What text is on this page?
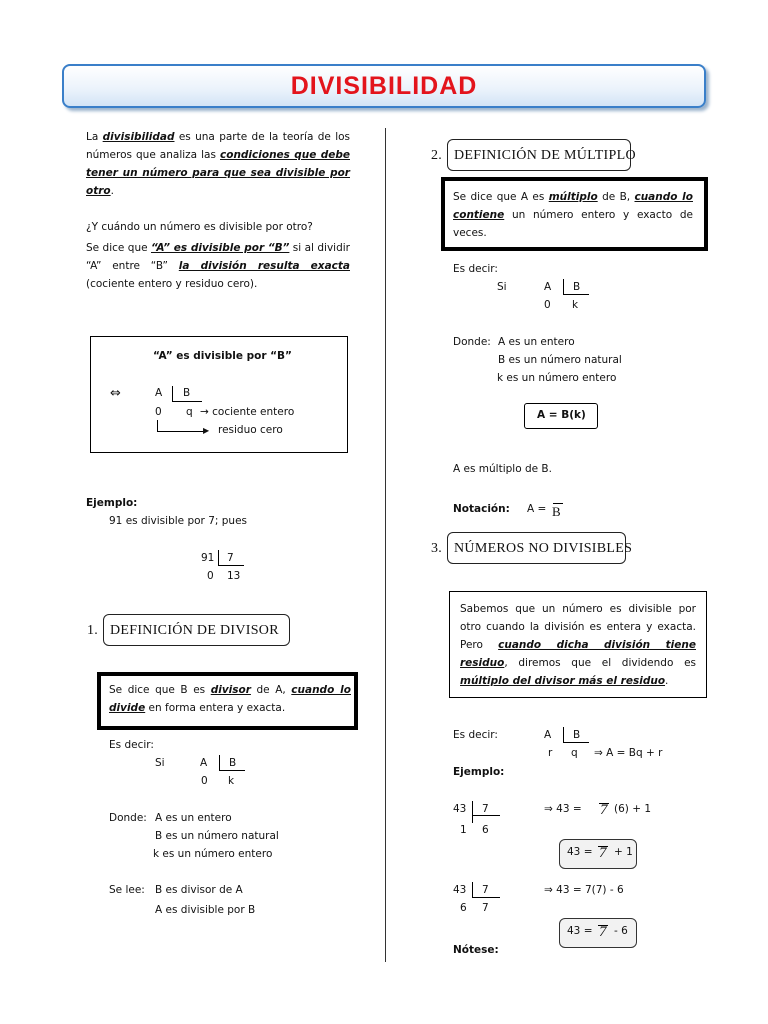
DIVISIBILIDAD
La divisibilidad es una parte de la teoría de los números que analiza las condiciones que debe tener un número para que sea divisible por otro.
¿Y cuándo un número es divisible por otro?
Se dice que “A” es divisible por “B” si al dividir “A” entre “B” la división resulta exacta (cociente entero y residuo cero).
“A” es divisible por “B”
⇔	A B
0 q → cociente entero
▶ residuo cero
Ejemplo:
91 es divisible por 7; pues
91 7
0 13
1. DEFINICIÓN DE DIVISOR
Se dice que B es divisor de A, cuando lo divide en forma entera y exacta.
Es decir:
Si	A B
0 k
Donde: A es un entero
B es un número natural
k es un número entero
Se lee: B es divisor de A
A es divisible por B
2. DEFINICIÓN DE MÚLTIPLO
Se dice que A es múltiplo de B, cuando lo contiene un número entero y exacto de veces.
Es decir:
Si	A B
0 k
Donde: A es un entero
B es un número natural
k es un número entero
A = B(k)
A es múltiplo de B.
Notación: A = B
3. NÚMEROS NO DIVISIBLES
Sabemos que un número es divisible por otro cuando la división es entera y exacta. Pero cuando dicha división tiene residuo, diremos que el dividendo es múltiplo del divisor más el residuo.
Es decir:	A B
r q ⇒ A = Bq + r
Ejemplo:
43 7
1 6
⇒ 43 = 7 (6) + 1
43 = 7 + 1
43 7
6 7
⇒ 43 = 7(7) - 6
43 = 7 - 6
Nótese:
